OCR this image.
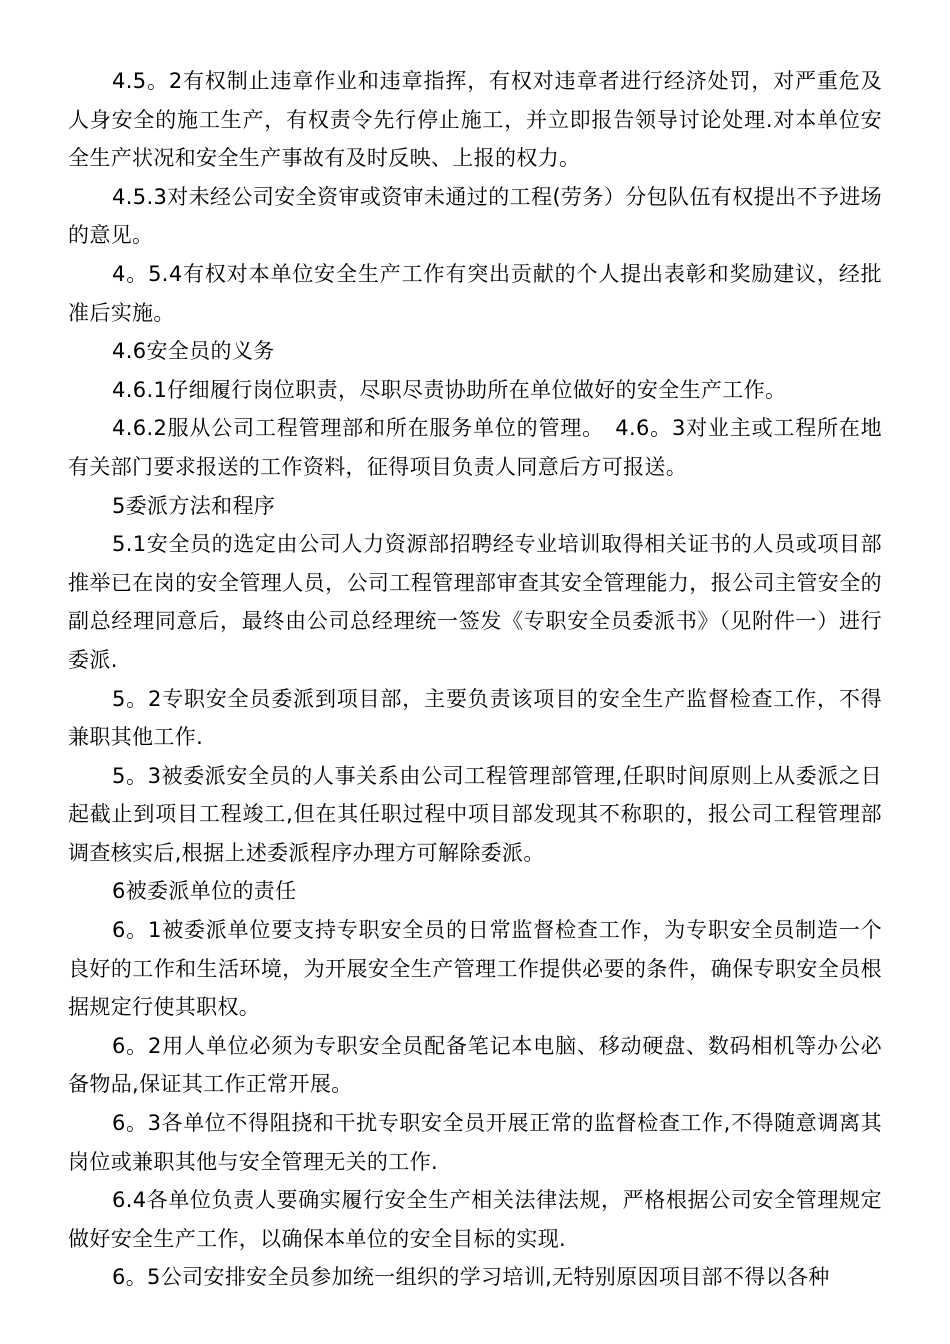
4.5。2有权制止违章作业和违章指挥，有权对违章者进行经济处罚，对严重危及人身安全的施工生产，有权责令先行停止施工，并立即报告领导讨论处理.对本单位安全生产状况和安全生产事故有及时反映、上报的权力。

4.5.3对未经公司安全资审或资审未通过的工程(劳务）分包队伍有权提出不予进场的意见。

4。5.4有权对本单位安全生产工作有突出贡献的个人提出表彰和奖励建议，经批准后实施。

4.6安全员的义务

4.6.1仔细履行岗位职责，尽职尽责协助所在单位做好的安全生产工作。

4.6.2服从公司工程管理部和所在服务单位的管理。　4.6。3对业主或工程所在地有关部门要求报送的工作资料，征得项目负责人同意后方可报送。

5委派方法和程序

5.1安全员的选定由公司人力资源部招聘经专业培训取得相关证书的人员或项目部推举已在岗的安全管理人员，公司工程管理部审查其安全管理能力，报公司主管安全的副总经理同意后，最终由公司总经理统一签发《专职安全员委派书》（见附件一）进行委派.

5。2专职安全员委派到项目部，主要负责该项目的安全生产监督检查工作，不得兼职其他工作.

5。3被委派安全员的人事关系由公司工程管理部管理,任职时间原则上从委派之日起截止到项目工程竣工,但在其任职过程中项目部发现其不称职的，报公司工程管理部调查核实后,根据上述委派程序办理方可解除委派。

6被委派单位的责任

6。1被委派单位要支持专职安全员的日常监督检查工作，为专职安全员制造一个良好的工作和生活环境，为开展安全生产管理工作提供必要的条件，确保专职安全员根据规定行使其职权。

6。2用人单位必须为专职安全员配备笔记本电脑、移动硬盘、数码相机等办公必备物品,保证其工作正常开展。

6。3各单位不得阻挠和干扰专职安全员开展正常的监督检查工作,不得随意调离其岗位或兼职其他与安全管理无关的工作.

6.4各单位负责人要确实履行安全生产相关法律法规，严格根据公司安全管理规定做好安全生产工作，以确保本单位的安全目标的实现.

6。5公司安排安全员参加统一组织的学习培训,无特别原因项目部不得以各种
